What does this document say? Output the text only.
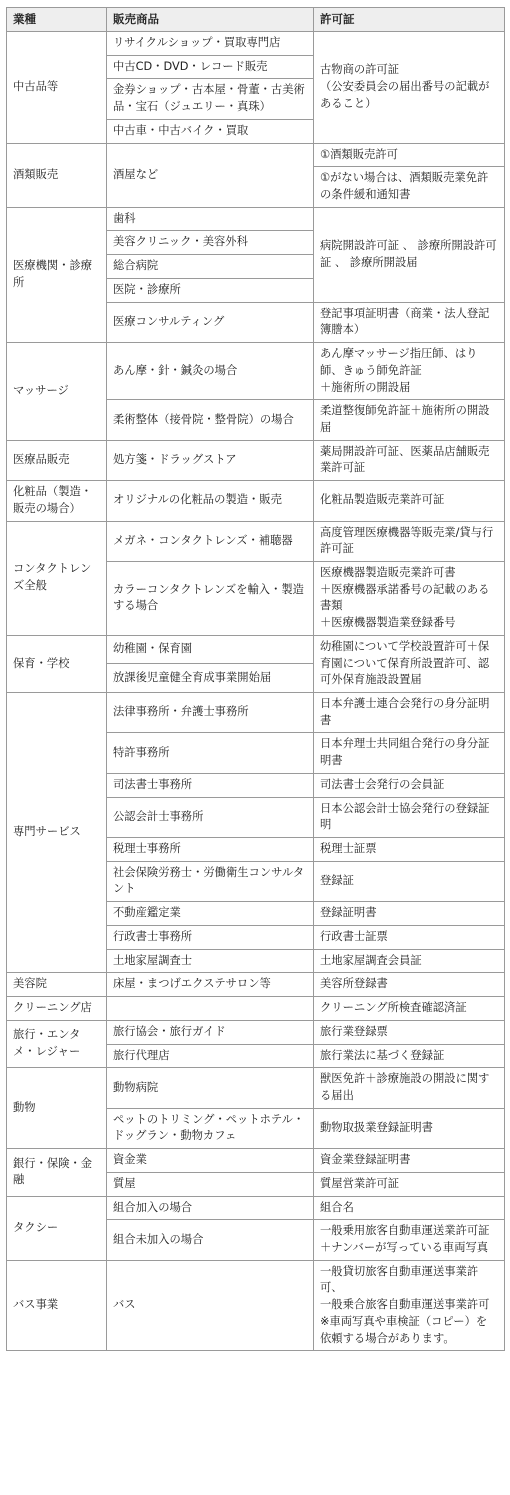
業種	販売商品	許可証
中古品等	リサイクルショップ・買取専門店	古物商の許可証
（公安委員会の届出番号の記載があること）
	中古CD・DVD・レコード販売	
	金券ショップ・古本屋・骨董・古美術品・宝石（ジュエリー・真珠）	
	中古車・中古バイク・買取	
酒類販売	酒屋など	①酒類販売許可
		①がない場合は、酒類販売業免許の条件緩和通知書
医療機関・診療所	歯科	病院開設許可証 、 診療所開設許可証 、 診療所開設届
	美容クリニック・美容外科	
	総合病院	
	医院・診療所	
	医療コンサルティング	登記事項証明書（商業・法人登記簿謄本）
マッサージ	あん摩・針・鍼灸の場合	あん摩マッサージ指圧師、はり師、きゅう師免許証
＋施術所の開設届
	柔術整体（接骨院・整骨院）の場合	柔道整復師免許証＋施術所の開設届
医療品販売	処方箋・ドラッグストア	薬局開設許可証、医薬品店舗販売業許可証
化粧品（製造・販売の場合）	オリジナルの化粧品の製造・販売	化粧品製造販売業許可証
コンタクトレンズ全般	メガネ・コンタクトレンズ・補聴器	高度管理医療機器等販売業/貸与行許可証
	カラーコンタクトレンズを輸入・製造する場合	医療機器製造販売業許可書
＋医療機器承諾番号の記載のある書類
＋医療機器製造業登録番号
保育・学校	幼稚園・保育園	幼稚園について学校設置許可＋保育園について保育所設置許可、認可外保育施設設置届
	放課後児童健全育成事業開始届	
専門サービス	法律事務所・弁護士事務所	日本弁護士連合会発行の身分証明書
	特許事務所	日本弁理士共同組合発行の身分証明書
	司法書士事務所	司法書士会発行の会員証
	公認会計士事務所	日本公認会計士協会発行の登録証明
	税理士事務所	税理士証票
	社会保険労務士・労働衛生コンサルタント	登録証
	不動産鑑定業	登録証明書
	行政書士事務所	行政書士証票
	土地家屋調査士	土地家屋調査会員証
美容院	床屋・まつげエクステサロン等	美容所登録書
クリーニング店		クリーニング所検査確認済証
旅行・エンタメ・レジャー	旅行協会・旅行ガイド	旅行業登録票
	旅行代理店	旅行業法に基づく登録証
動物	動物病院	獣医免許＋診療施設の開設に関する届出
	ペットのトリミング・ペットホテル・ドッグラン・動物カフェ	動物取扱業登録証明書
銀行・保険・金融	資金業	資金業登録証明書
	質屋	質屋営業許可証
タクシー	組合加入の場合	組合名
	組合未加入の場合	一般乗用旅客自動車運送業許可証
＋ナンバーが写っている車両写真
バス事業	バス	一般貸切旅客自動車運送事業許可、
一般乗合旅客自動車運送事業許可
※車両写真や車検証（コピー）を依頼する場合があります。
